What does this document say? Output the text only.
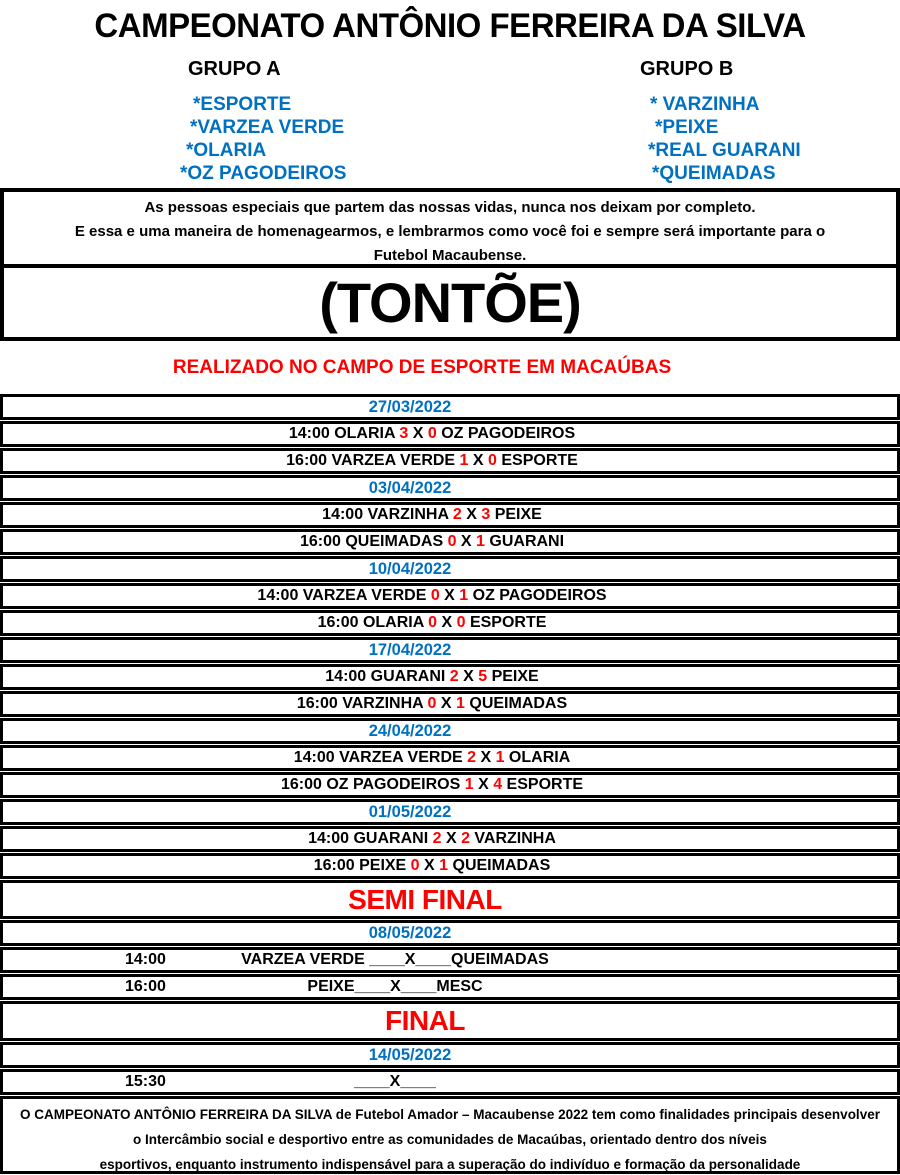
CAMPEONATO ANTÔNIO FERREIRA DA SILVA
GRUPO A
*ESPORTE
*VARZEA VERDE
*OLARIA
*OZ PAGODEIROS
GRUPO B
* VARZINHA
*PEIXE
*REAL GUARANI
*QUEIMADAS
As pessoas especiais que partem das nossas vidas, nunca nos deixam por completo.
E essa e uma maneira de homenagearmos, e lembrarmos como você foi e sempre será importante para o
Futebol Macaubense.
(TONTÕE)
REALIZADO NO CAMPO DE ESPORTE EM MACAÚBAS
27/03/2022
14:00 OLARIA 3 X 0 OZ PAGODEIROS
16:00 VARZEA VERDE 1 X 0 ESPORTE
03/04/2022
14:00 VARZINHA 2 X 3 PEIXE
16:00 QUEIMADAS 0 X 1 GUARANI
10/04/2022
14:00 VARZEA VERDE 0 X 1 OZ PAGODEIROS
16:00 OLARIA 0 X 0 ESPORTE
17/04/2022
14:00 GUARANI 2 X 5 PEIXE
16:00 VARZINHA 0 X 1 QUEIMADAS
24/04/2022
14:00 VARZEA VERDE 2 X 1 OLARIA
16:00 OZ PAGODEIROS 1 X 4 ESPORTE
01/05/2022
14:00 GUARANI 2 X 2 VARZINHA
16:00 PEIXE 0 X 1 QUEIMADAS
SEMI FINAL
08/05/2022
14:00	VARZEA VERDE ____X____QUEIMADAS
16:00	PEIXE____X____MESC
FINAL
14/05/2022
15:30	____X____
O CAMPEONATO ANTÔNIO FERREIRA DA SILVA de Futebol Amador – Macaubense 2022 tem como finalidades principais desenvolver
o Intercâmbio social e desportivo entre as comunidades de Macaúbas, orientado dentro dos níveis
esportivos, enquanto instrumento indispensável para a superação do indivíduo e formação da personalidade
